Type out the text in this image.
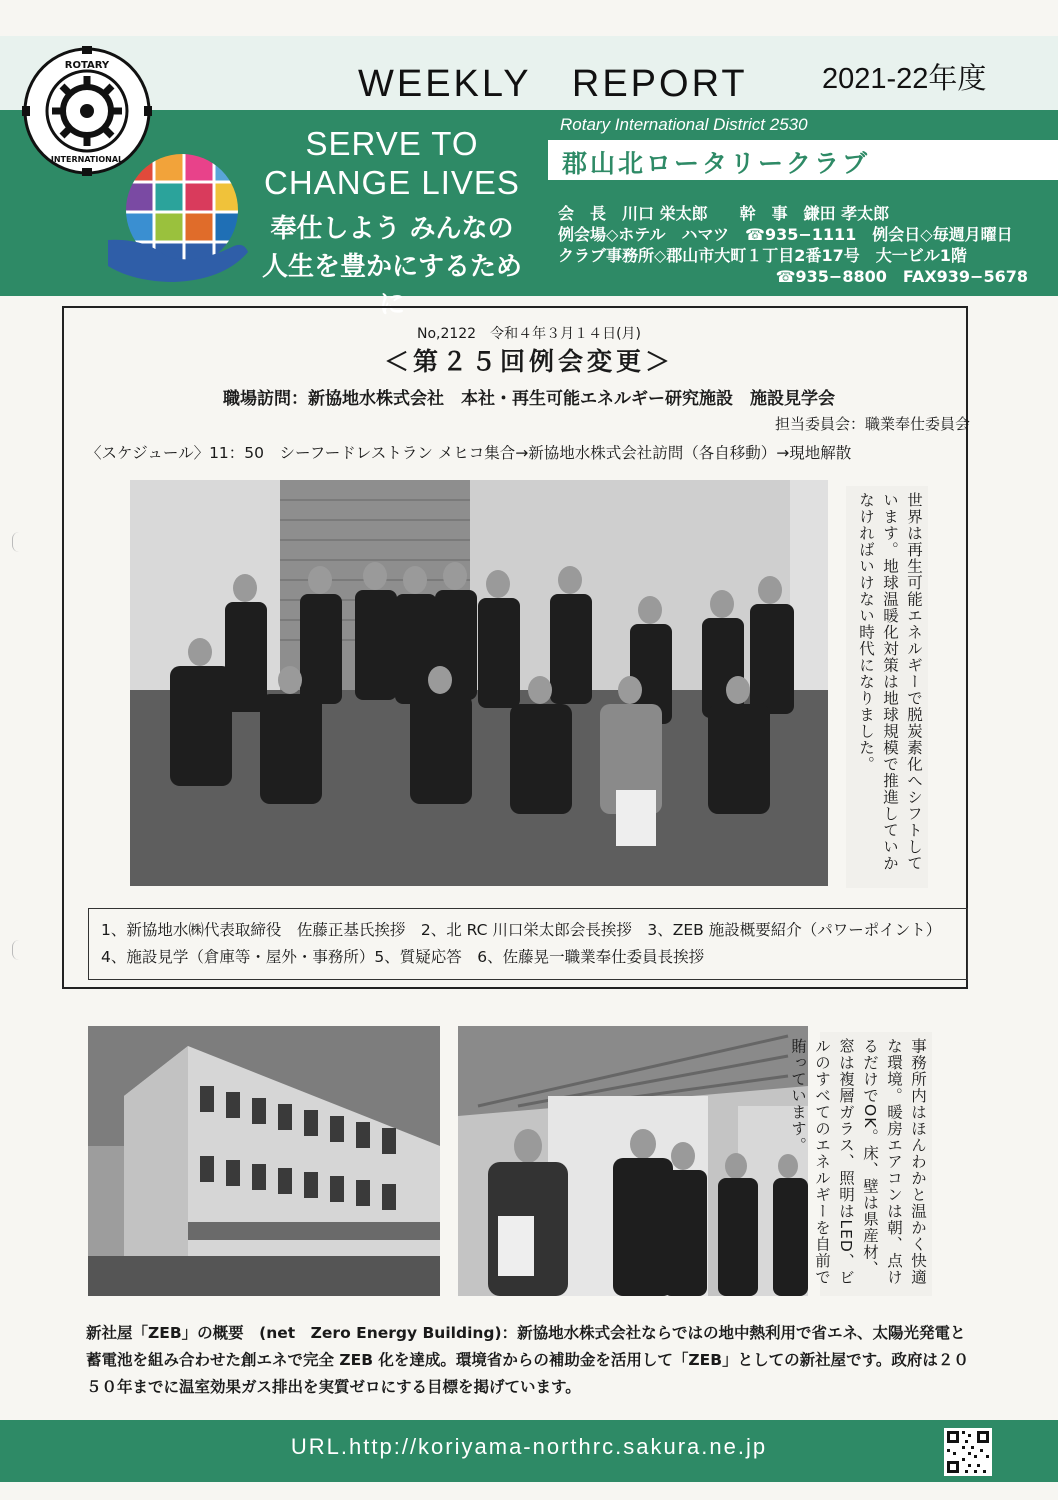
ROTARY
INTERNATIONAL
WEEKLY　REPORT	2021-22年度
SERVE TO
CHANGE LIVES
奉仕しよう みんなの
人生を豊かにするために
Rotary International District 2530
郡山北ロータリークラブ
会　長　川口 栄太郎　　幹　事　鎌田 孝太郎
例会場◇ホテル　ハマツ　☎935−1111　例会日◇毎週月曜日
クラブ事務所◇郡山市大町１丁目2番17号　大一ビル1階
☎935−8800　FAX939−5678
No,2122　令和４年３月１４日(月)
＜第２５回例会変更＞
職場訪問：新協地水株式会社　本社・再生可能エネルギー研究施設　施設見学会
担当委員会：職業奉仕委員会
〈スケジュール〉11：50　シーフードレストラン メヒコ集合→新協地水株式会社訪問（各自移動）→現地解散
世界は再生可能エネルギーで脱炭素化へシフトしています。地球温暖化対策は地球規模で推進していかなければいけない時代になりました。
1、新協地水㈱代表取締役　佐藤正基氏挨拶　2、北 RC 川口栄太郎会長挨拶　3、ZEB 施設概要紹介（パワーポイント）4、施設見学（倉庫等・屋外・事務所）5、質疑応答　6、佐藤晃一職業奉仕委員長挨拶
事務所内はほんわかと温かく快適な環境。暖房エアコンは朝、点けるだけでOK。床、壁は県産材、窓は複層ガラス、照明はLED、ビルのすべてのエネルギーを自前で賄っています。
新社屋「ZEB」の概要　(net　Zero Energy Building)：新協地水株式会社ならではの地中熱利用で省エネ、太陽光発電と蓄電池を組み合わせた創エネで完全 ZEB 化を達成。環境省からの補助金を活用して「ZEB」としての新社屋です。政府は２０５０年までに温室効果ガス排出を実質ゼロにする目標を掲げています。
URL.http://koriyama-northrc.sakura.ne.jp
